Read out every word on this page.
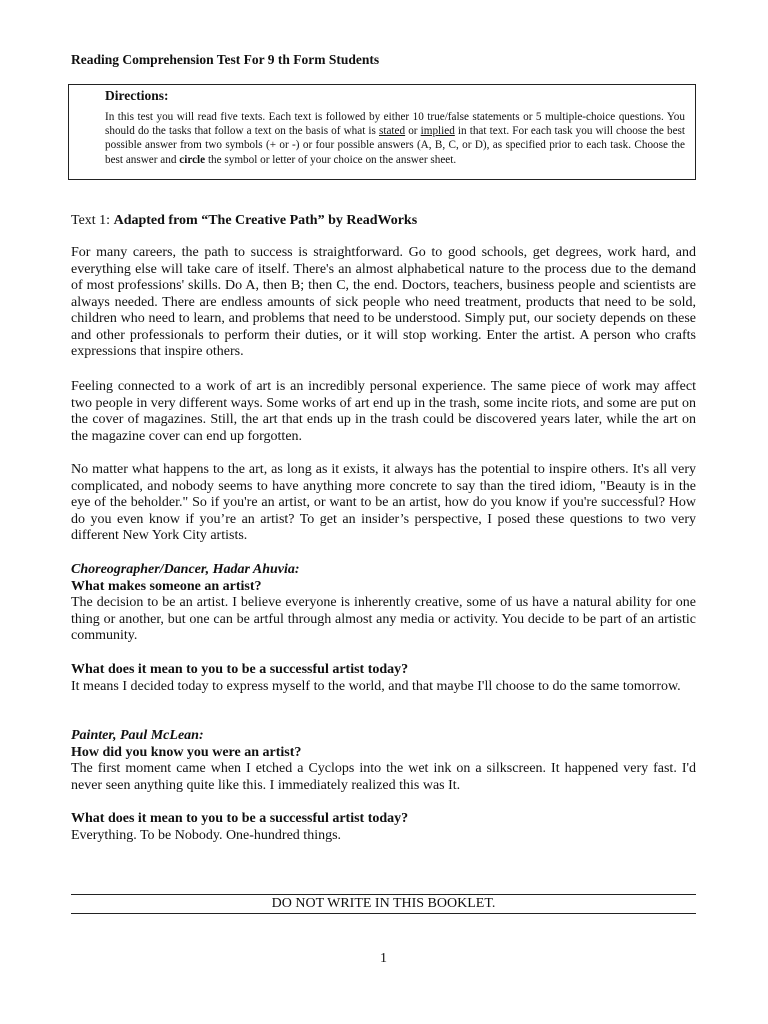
Reading Comprehension Test For 9 th Form Students
Directions:
In this test you will read five texts. Each text is followed by either 10 true/false statements or 5 multiple-choice questions. You should do the tasks that follow a text on the basis of what is stated or implied in that text. For each task you will choose the best possible answer from two symbols (+ or -) or four possible answers (A, B, C, or D), as specified prior to each task. Choose the best answer and circle the symbol or letter of your choice on the answer sheet.
Text 1: Adapted from “The Creative Path” by ReadWorks

For many careers, the path to success is straightforward. Go to good schools, get degrees, work hard, and everything else will take care of itself. There's an almost alphabetical nature to the process due to the demand of most professions' skills. Do A, then B; then C, the end. Doctors, teachers, business people and scientists are always needed. There are endless amounts of sick people who need treatment, products that need to be sold, children who need to learn, and problems that need to be understood. Simply put, our society depends on these and other professionals to perform their duties, or it will stop working. Enter the artist. A person who crafts expressions that inspire others.

Feeling connected to a work of art is an incredibly personal experience. The same piece of work may affect two people in very different ways. Some works of art end up in the trash, some incite riots, and some are put on the cover of magazines. Still, the art that ends up in the trash could be discovered years later, while the art on the magazine cover can end up forgotten.

No matter what happens to the art, as long as it exists, it always has the potential to inspire others. It's all very complicated, and nobody seems to have anything more concrete to say than the tired idiom, "Beauty is in the eye of the beholder." So if you're an artist, or want to be an artist, how do you know if you're successful? How do you even know if you’re an artist? To get an insider’s perspective, I posed these questions to two very different New York City artists.

Choreographer/Dancer, Hadar Ahuvia:
What makes someone an artist?

The decision to be an artist. I believe everyone is inherently creative, some of us have a natural ability for one thing or another, but one can be artful through almost any media or activity. You decide to be part of an artistic community.

What does it mean to you to be a successful artist today?

It means I decided today to express myself to the world, and that maybe I'll choose to do the same tomorrow.

Painter, Paul McLean:
How did you know you were an artist?

The first moment came when I etched a Cyclops into the wet ink on a silkscreen. It happened very fast. I'd never seen anything quite like this. I immediately realized this was It.

What does it mean to you to be a successful artist today?

Everything. To be Nobody. One-hundred things.

DO NOT WRITE IN THIS BOOKLET.
1
